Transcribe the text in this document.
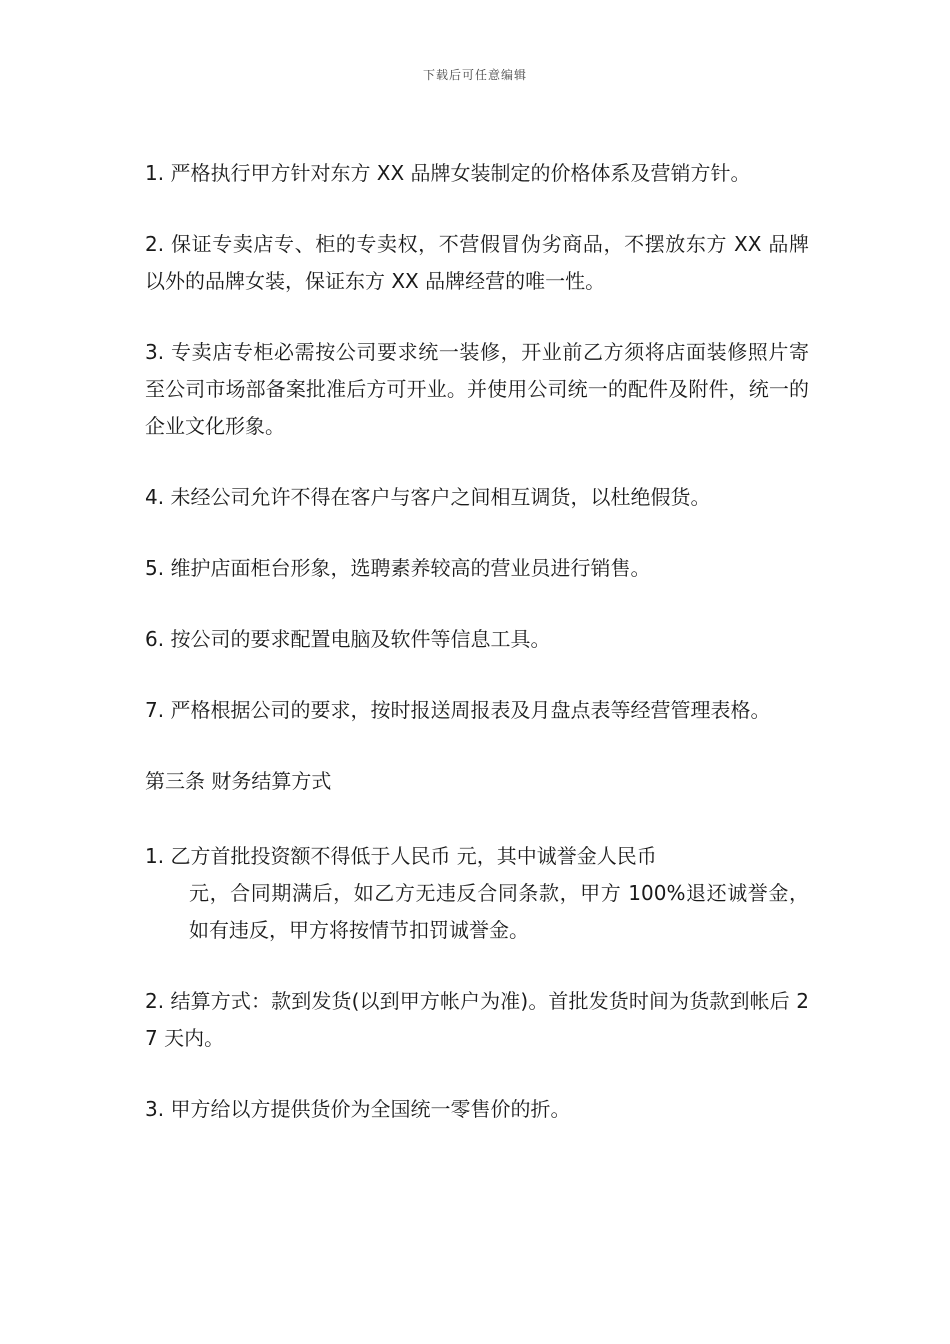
下载后可任意编辑

1. 严格执行甲方针对东方 XX 品牌女装制定的价格体系及营销方针。

2. 保证专卖店专、柜的专卖权，不营假冒伪劣商品，不摆放东方 XX 品牌以外的品牌女装，保证东方 XX 品牌经营的唯一性。

3. 专卖店专柜必需按公司要求统一装修，开业前乙方须将店面装修照片寄至公司市场部备案批准后方可开业。并使用公司统一的配件及附件，统一的企业文化形象。

4. 未经公司允许不得在客户与客户之间相互调货，以杜绝假货。

5. 维护店面柜台形象，选聘素养较高的营业员进行销售。

6. 按公司的要求配置电脑及软件等信息工具。

7. 严格根据公司的要求，按时报送周报表及月盘点表等经营管理表格。

第三条 财务结算方式

1. 乙方首批投资额不得低于人民币 元，其中诚誉金人民币
元，合同期满后，如乙方无违反合同条款，甲方 100%退还诚誉金，如有违反，甲方将按情节扣罚诚誉金。

2. 结算方式：款到发货(以到甲方帐户为准)。首批发货时间为货款到帐后 27 天内。

3. 甲方给以方提供货价为全国统一零售价的折。
